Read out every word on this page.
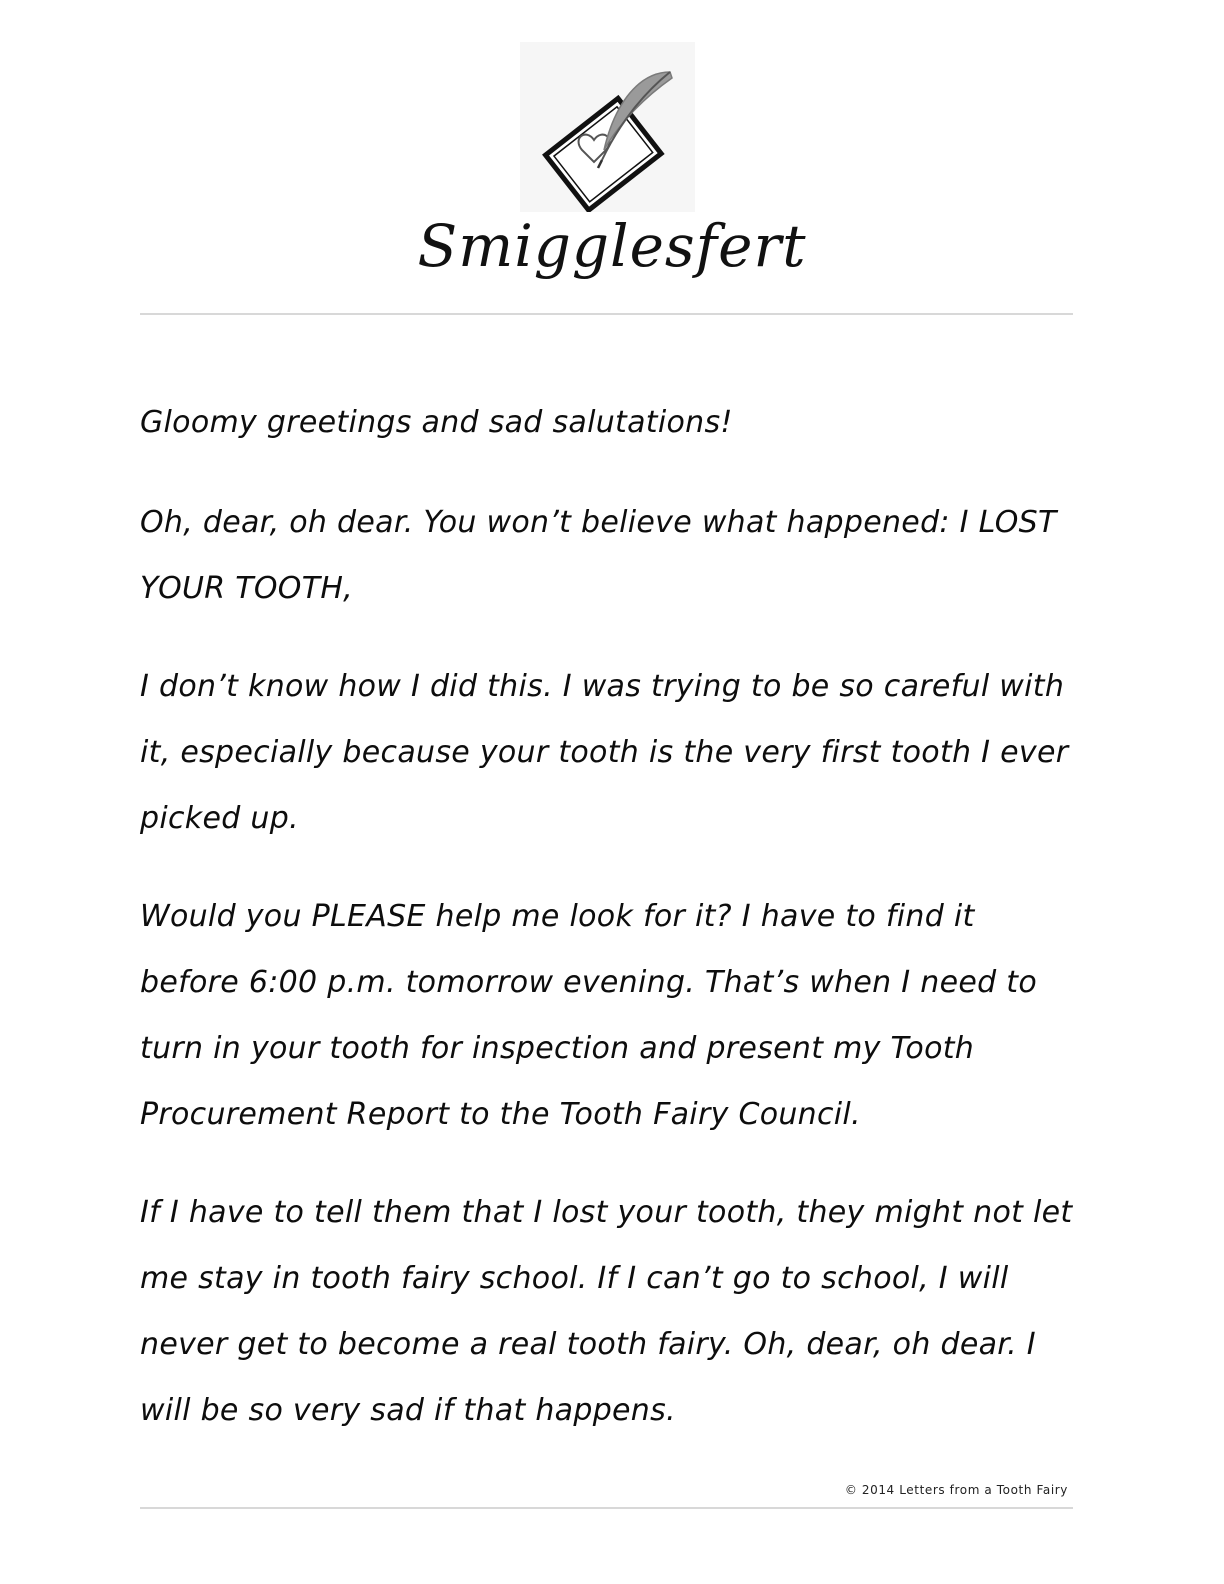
Smigglesfert

Gloomy greetings and sad salutations!

Oh, dear, oh dear. You won’t believe what happened: I LOST YOUR TOOTH,

I don’t know how I did this. I was trying to be so careful with it, especially because your tooth is the very first tooth I ever picked up.

Would you PLEASE help me look for it? I have to find it before 6:00 p.m. tomorrow evening. That’s when I need to turn in your tooth for inspection and present my Tooth Procurement Report to the Tooth Fairy Council.

If I have to tell them that I lost your tooth, they might not let me stay in tooth fairy school. If I can’t go to school, I will never get to become a real tooth fairy. Oh, dear, oh dear. I will be so very sad if that happens.

© 2014 Letters from a Tooth Fairy
